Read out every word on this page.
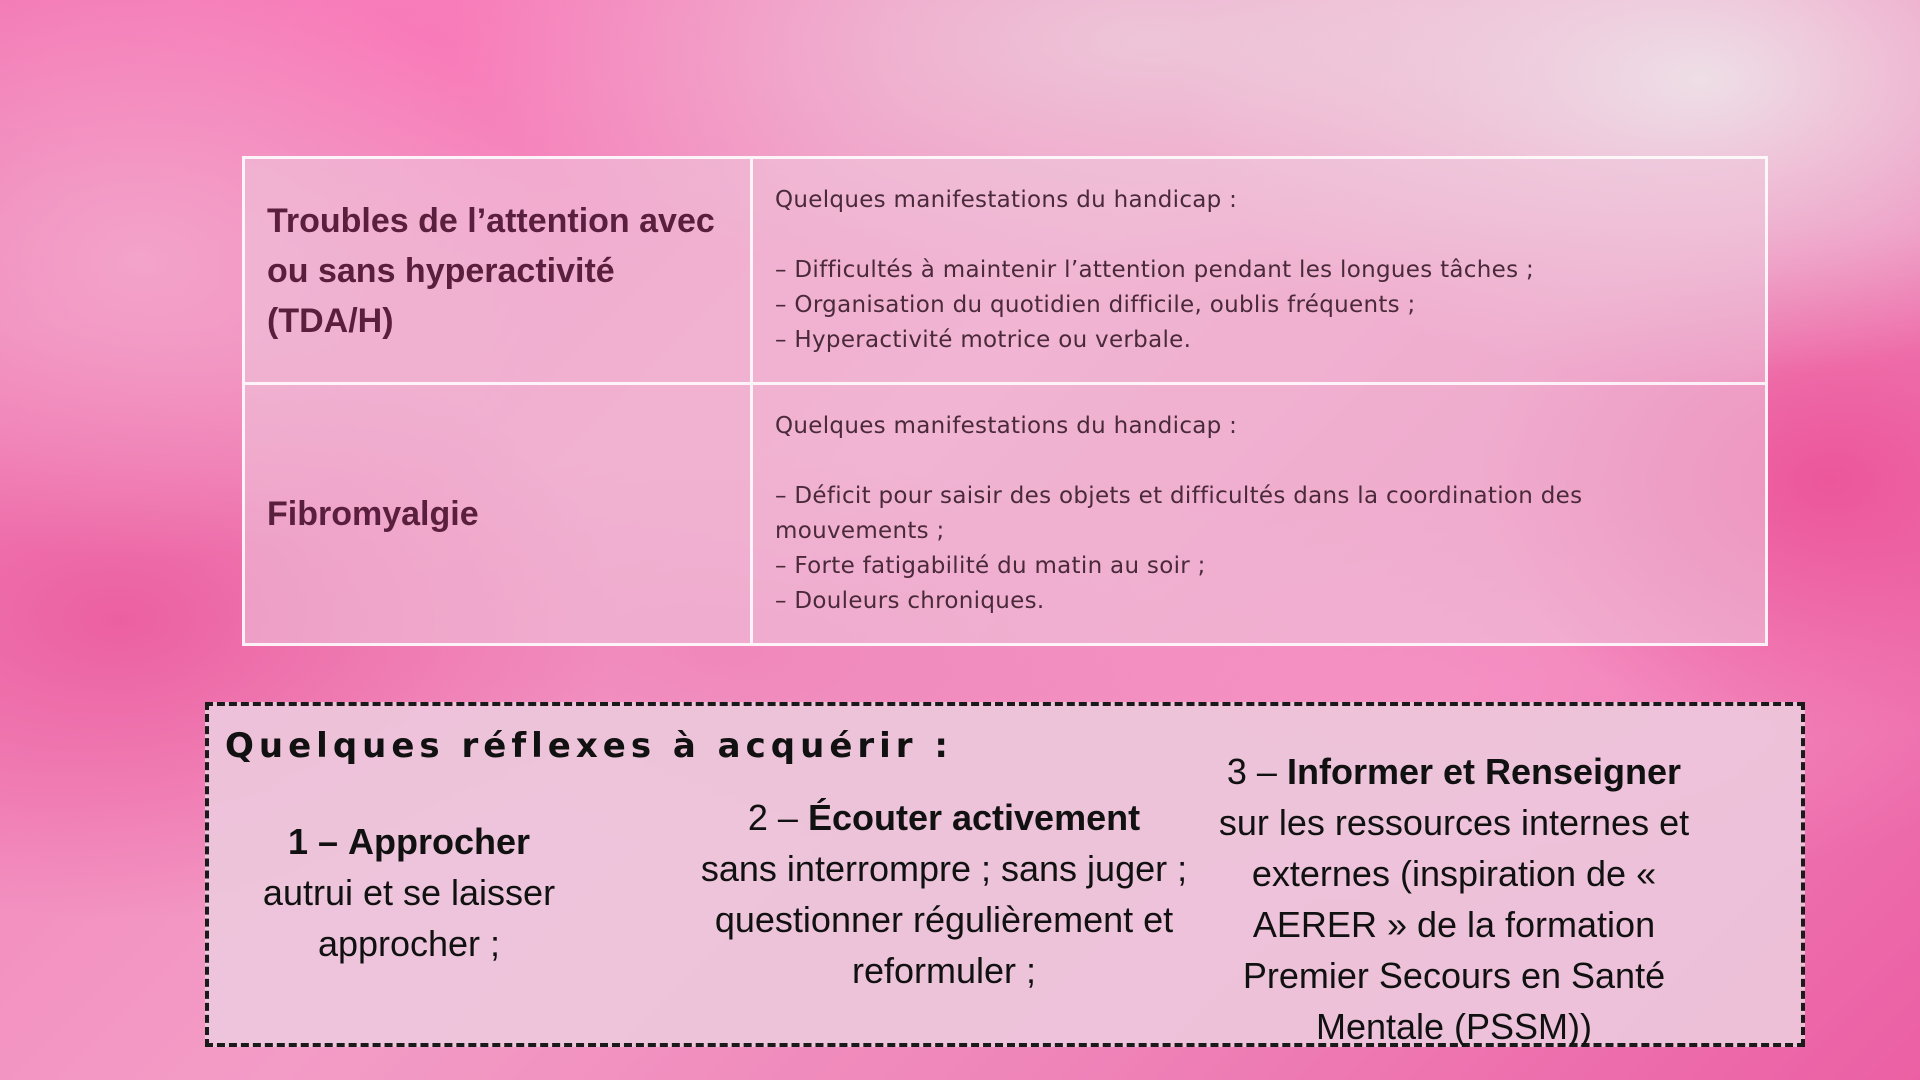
Troubles de l’attention avec ou sans hyperactivité (TDA/H)

Quelques manifestations du handicap :

– Difficultés à maintenir l’attention pendant les longues tâches ;

– Organisation du quotidien difficile, oublis fréquents ;

– Hyperactivité motrice ou verbale.

Fibromyalgie

Quelques manifestations du handicap :

– Déficit pour saisir des objets et difficultés dans la coordination des mouvements ;

– Forte fatigabilité du matin au soir ;

– Douleurs chroniques.

Quelques réflexes à acquérir :

1 – Approcher

autrui et se laisser approcher ;

2 – Écouter activement

sans interrompre ; sans juger ; questionner régulièrement et reformuler ;

3 – Informer et Renseigner

sur les ressources internes et externes (inspiration de « AERER » de la formation Premier Secours en Santé Mentale (PSSM))
